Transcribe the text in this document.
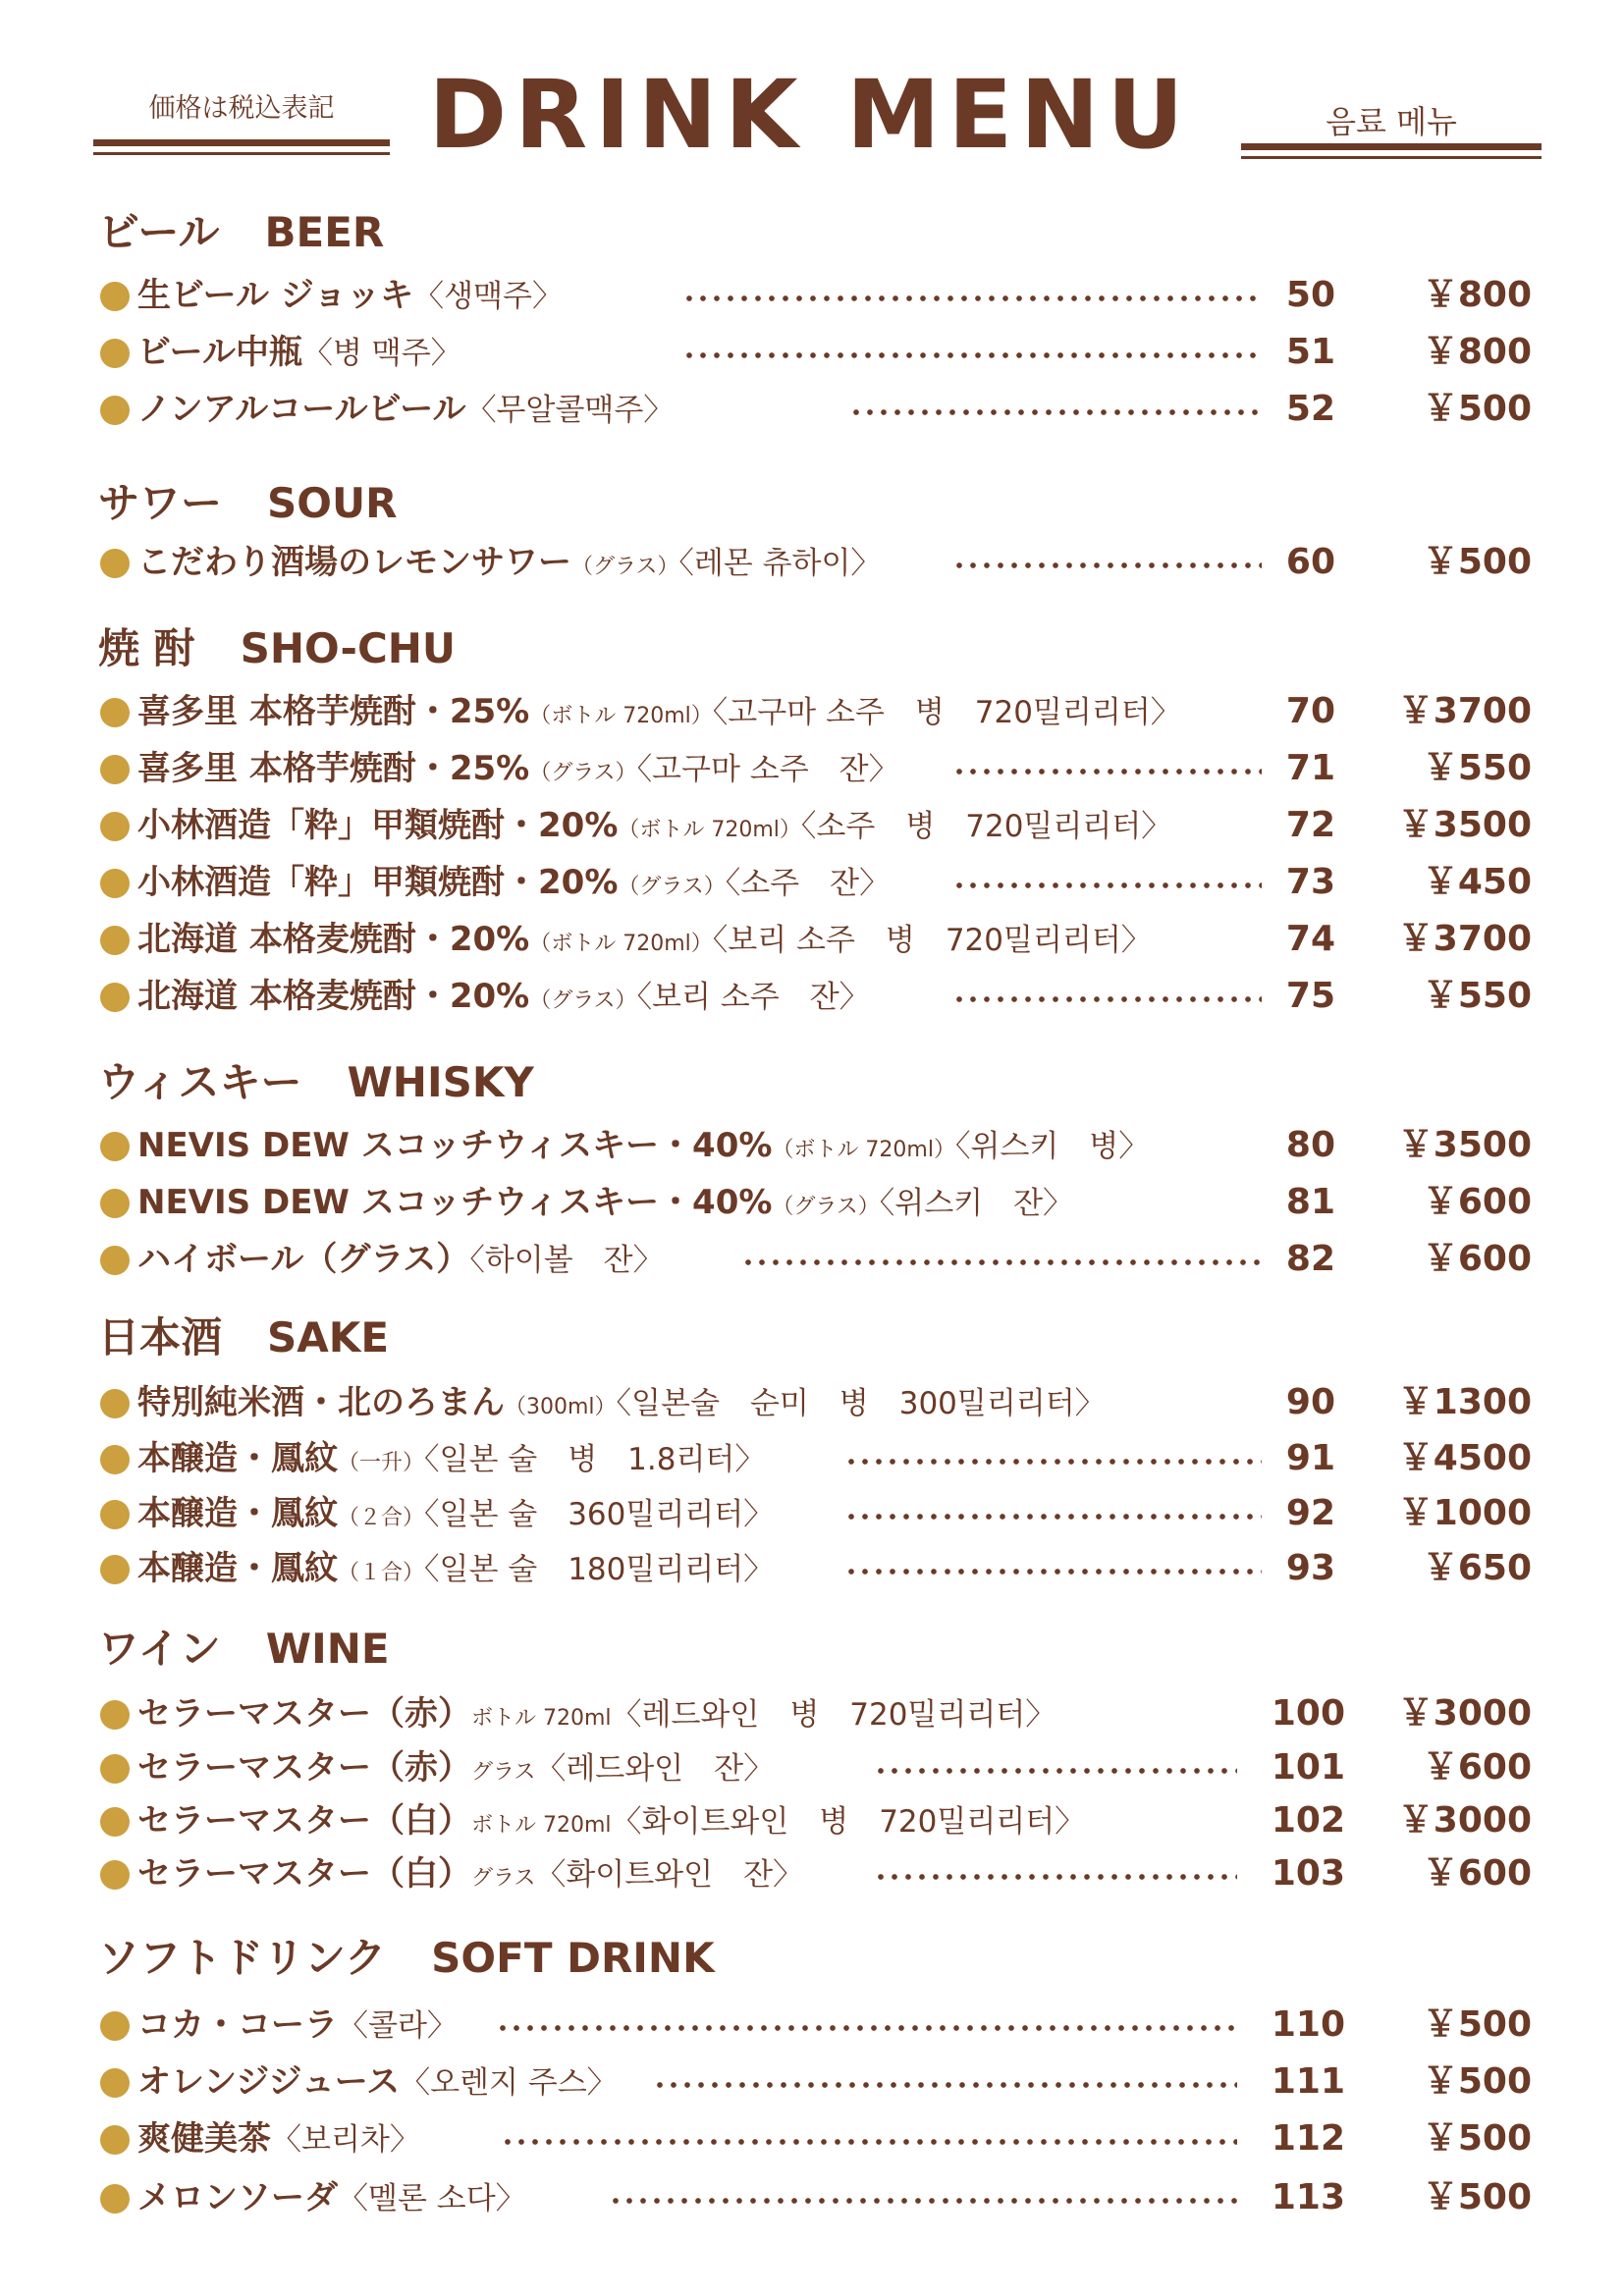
価格は税込表記	DRINK MENU	음료 메뉴
ビール BEER
生ビール ジョッキ〈생맥주〉	50 ￥800
ビール中瓶〈병 맥주〉	51 ￥800
ノンアルコールビール〈무알콜맥주〉	52 ￥500
サワー SOUR
こだわり酒場のレモンサワー（グラス）〈레몬 츄하이〉	60 ￥500
焼 酎 SHO-CHU
喜多里 本格芋焼酎・25%（ボトル 720ml）〈고구마 소주　병　720밀리리터〉	70 ￥3700
喜多里 本格芋焼酎・25%（グラス）〈고구마 소주　잔〉	71 ￥550
小林酒造「粋」甲類焼酎・20%（ボトル 720ml）〈소주　병　720밀리리터〉	72 ￥3500
小林酒造「粋」甲類焼酎・20%（グラス）〈소주　잔〉	73 ￥450
北海道 本格麦焼酎・20%（ボトル 720ml）〈보리 소주　병　720밀리리터〉	74 ￥3700
北海道 本格麦焼酎・20%（グラス）〈보리 소주　잔〉	75 ￥550
ウィスキー WHISKY
NEVIS DEW スコッチウィスキー・40%（ボトル 720ml）〈위스키　병〉	80 ￥3500
NEVIS DEW スコッチウィスキー・40%（グラス）〈위스키　잔〉	81 ￥600
ハイボール（グラス）〈하이볼　잔〉	82 ￥600
日本酒 SAKE
特別純米酒・北のろまん（300ml）〈일본술　순미　병　300밀리리터〉	90 ￥1300
本醸造・鳳紋（一升）〈일본 술　병　1.8리터〉	91 ￥4500
本醸造・鳳紋（２合）〈일본 술　360밀리리터〉	92 ￥1000
本醸造・鳳紋（１合）〈일본 술　180밀리리터〉	93 ￥650
ワイン WINE
セラーマスター（赤）ボトル 720ml〈레드와인　병　720밀리리터〉	100 ￥3000
セラーマスター（赤）グラス〈레드와인　잔〉	101 ￥600
セラーマスター（白）ボトル 720ml〈화이트와인　병　720밀리리터〉	102 ￥3000
セラーマスター（白）グラス〈화이트와인　잔〉	103 ￥600
ソフトドリンク SOFT DRINK
コカ・コーラ〈콜라〉	110 ￥500
オレンジジュース〈오렌지 주스〉	111 ￥500
爽健美茶〈보리차〉	112 ￥500
メロンソーダ〈멜론 소다〉	113 ￥500
